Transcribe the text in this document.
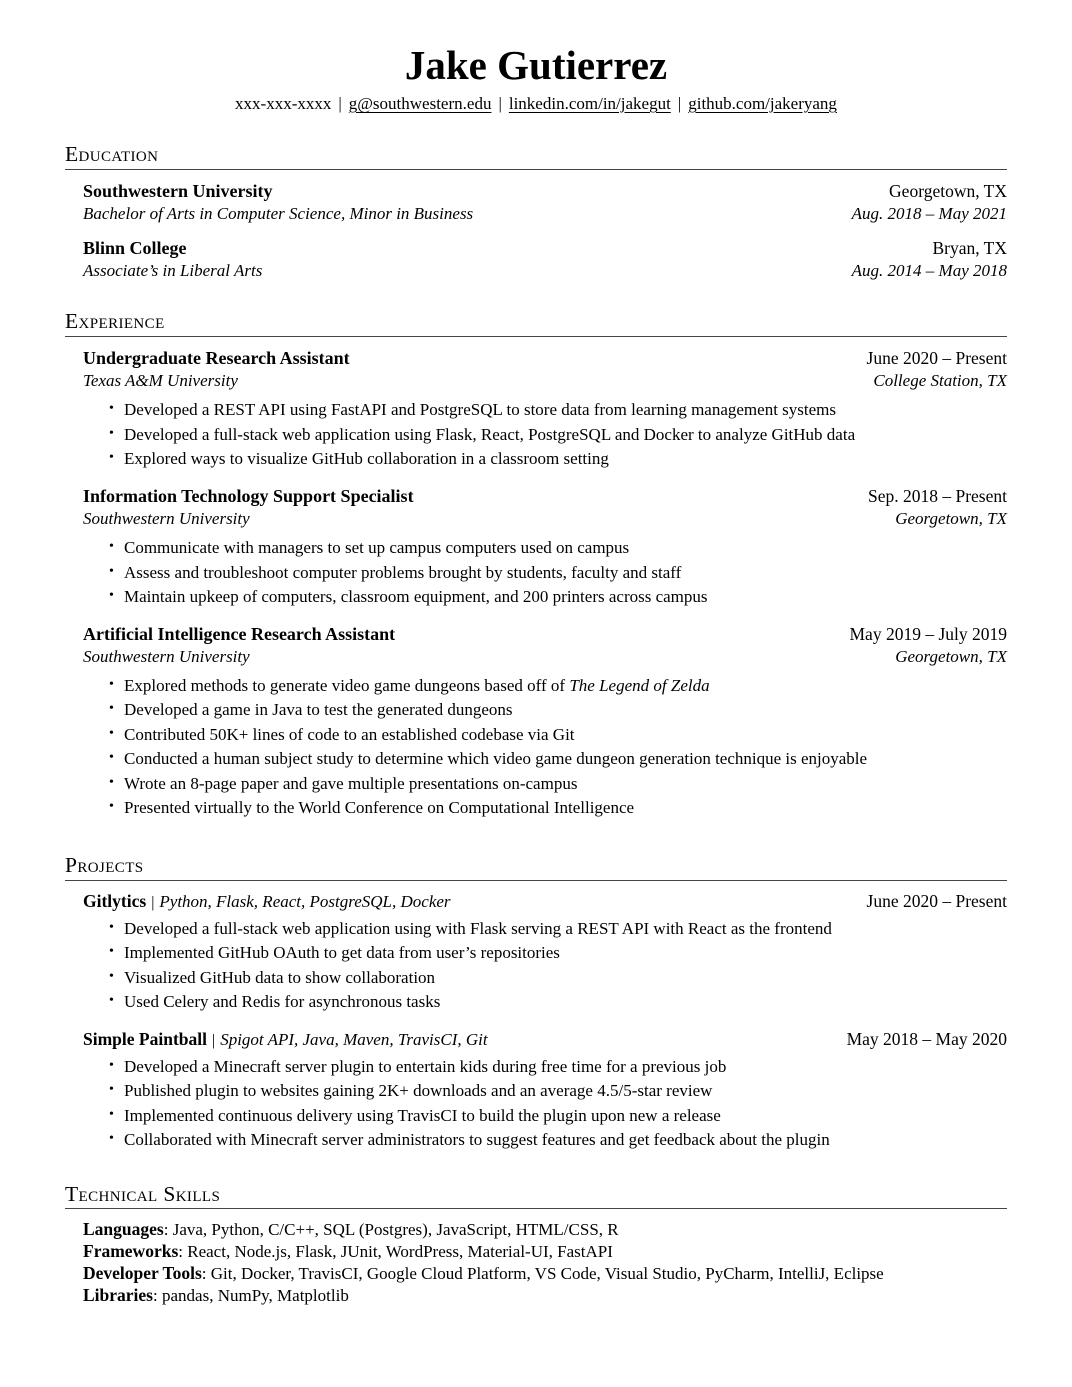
Jake Gutierrez
xxx-xxx-xxxx | g@southwestern.edu | linkedin.com/in/jakegut | github.com/jakeryang
Education
Southwestern University	Georgetown, TX
Bachelor of Arts in Computer Science, Minor in Business	Aug. 2018 – May 2021
Blinn College	Bryan, TX
Associate’s in Liberal Arts	Aug. 2014 – May 2018
Experience
Undergraduate Research Assistant	June 2020 – Present
Texas A&M University	College Station, TX
• Developed a REST API using FastAPI and PostgreSQL to store data from learning management systems
• Developed a full-stack web application using Flask, React, PostgreSQL and Docker to analyze GitHub data
• Explored ways to visualize GitHub collaboration in a classroom setting
Information Technology Support Specialist	Sep. 2018 – Present
Southwestern University	Georgetown, TX
• Communicate with managers to set up campus computers used on campus
• Assess and troubleshoot computer problems brought by students, faculty and staff
• Maintain upkeep of computers, classroom equipment, and 200 printers across campus
Artificial Intelligence Research Assistant	May 2019 – July 2019
Southwestern University	Georgetown, TX
• Explored methods to generate video game dungeons based off of The Legend of Zelda
• Developed a game in Java to test the generated dungeons
• Contributed 50K+ lines of code to an established codebase via Git
• Conducted a human subject study to determine which video game dungeon generation technique is enjoyable
• Wrote an 8-page paper and gave multiple presentations on-campus
• Presented virtually to the World Conference on Computational Intelligence
Projects
Gitlytics | Python, Flask, React, PostgreSQL, Docker	June 2020 – Present
• Developed a full-stack web application using with Flask serving a REST API with React as the frontend
• Implemented GitHub OAuth to get data from user’s repositories
• Visualized GitHub data to show collaboration
• Used Celery and Redis for asynchronous tasks
Simple Paintball | Spigot API, Java, Maven, TravisCI, Git	May 2018 – May 2020
• Developed a Minecraft server plugin to entertain kids during free time for a previous job
• Published plugin to websites gaining 2K+ downloads and an average 4.5/5-star review
• Implemented continuous delivery using TravisCI to build the plugin upon new a release
• Collaborated with Minecraft server administrators to suggest features and get feedback about the plugin
Technical Skills
Languages: Java, Python, C/C++, SQL (Postgres), JavaScript, HTML/CSS, R
Frameworks: React, Node.js, Flask, JUnit, WordPress, Material-UI, FastAPI
Developer Tools: Git, Docker, TravisCI, Google Cloud Platform, VS Code, Visual Studio, PyCharm, IntelliJ, Eclipse
Libraries: pandas, NumPy, Matplotlib
